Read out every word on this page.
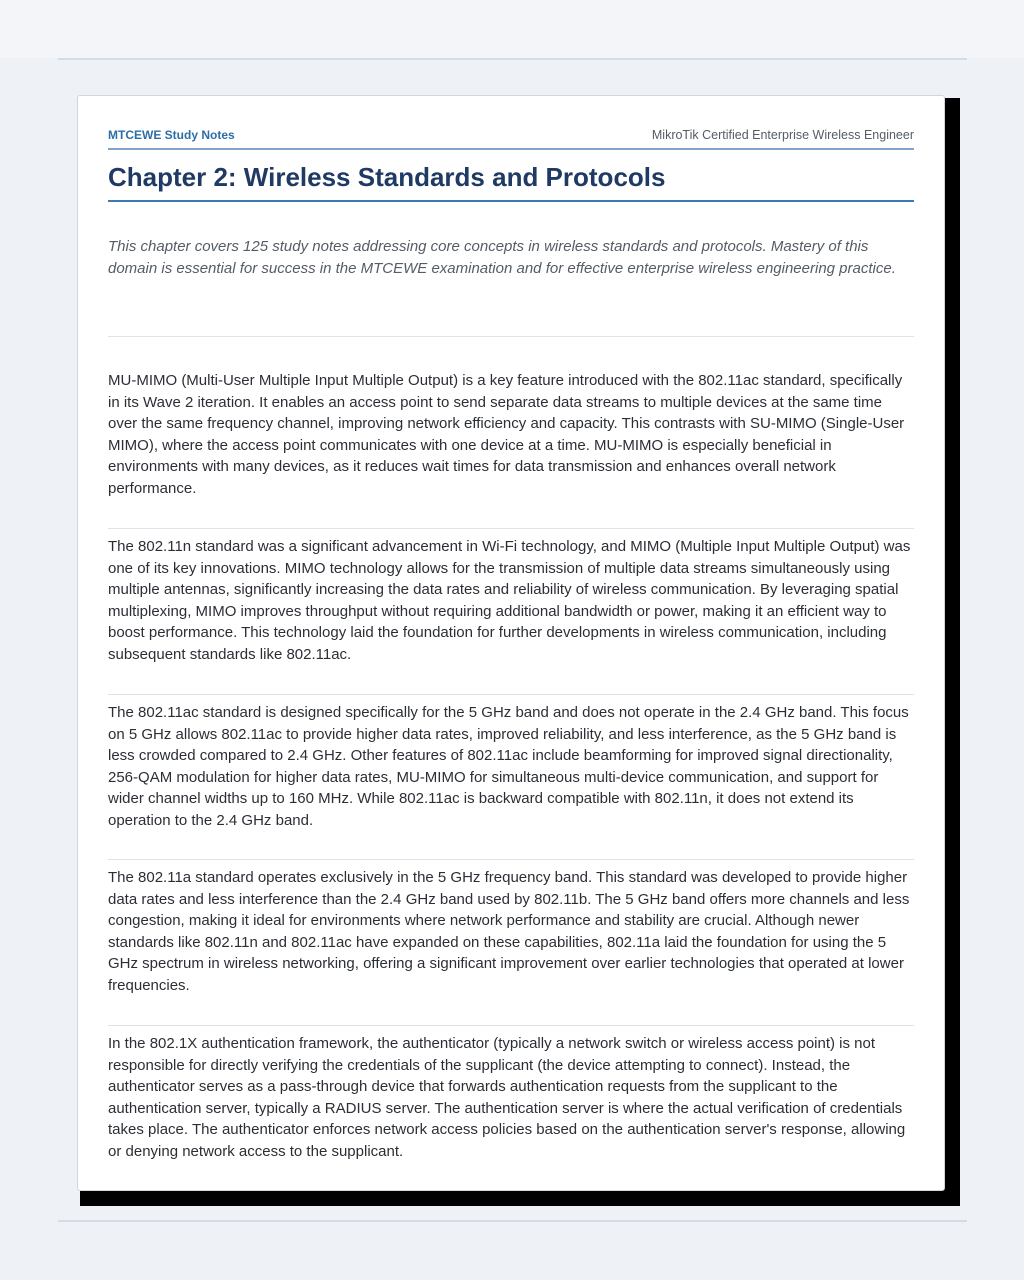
MTCEWE Study Notes	MikroTik Certified Enterprise Wireless Engineer
Chapter 2: Wireless Standards and Protocols

This chapter covers 125 study notes addressing core concepts in wireless standards and protocols. Mastery of this domain is essential for success in the MTCEWE examination and for effective enterprise wireless engineering practice.

MU-MIMO (Multi-User Multiple Input Multiple Output) is a key feature introduced with the 802.11ac standard, specifically in its Wave 2 iteration. It enables an access point to send separate data streams to multiple devices at the same time over the same frequency channel, improving network efficiency and capacity. This contrasts with SU-MIMO (Single-User MIMO), where the access point communicates with one device at a time. MU-MIMO is especially beneficial in environments with many devices, as it reduces wait times for data transmission and enhances overall network performance.

The 802.11n standard was a significant advancement in Wi-Fi technology, and MIMO (Multiple Input Multiple Output) was one of its key innovations. MIMO technology allows for the transmission of multiple data streams simultaneously using multiple antennas, significantly increasing the data rates and reliability of wireless communication. By leveraging spatial multiplexing, MIMO improves throughput without requiring additional bandwidth or power, making it an efficient way to boost performance. This technology laid the foundation for further developments in wireless communication, including subsequent standards like 802.11ac.

The 802.11ac standard is designed specifically for the 5 GHz band and does not operate in the 2.4 GHz band. This focus on 5 GHz allows 802.11ac to provide higher data rates, improved reliability, and less interference, as the 5 GHz band is less crowded compared to 2.4 GHz. Other features of 802.11ac include beamforming for improved signal directionality, 256-QAM modulation for higher data rates, MU-MIMO for simultaneous multi-device communication, and support for wider channel widths up to 160 MHz. While 802.11ac is backward compatible with 802.11n, it does not extend its operation to the 2.4 GHz band.

The 802.11a standard operates exclusively in the 5 GHz frequency band. This standard was developed to provide higher data rates and less interference than the 2.4 GHz band used by 802.11b. The 5 GHz band offers more channels and less congestion, making it ideal for environments where network performance and stability are crucial. Although newer standards like 802.11n and 802.11ac have expanded on these capabilities, 802.11a laid the foundation for using the 5 GHz spectrum in wireless networking, offering a significant improvement over earlier technologies that operated at lower frequencies.

In the 802.1X authentication framework, the authenticator (typically a network switch or wireless access point) is not responsible for directly verifying the credentials of the supplicant (the device attempting to connect). Instead, the authenticator serves as a pass-through device that forwards authentication requests from the supplicant to the authentication server, typically a RADIUS server. The authentication server is where the actual verification of credentials takes place. The authenticator enforces network access policies based on the authentication server's response, allowing or denying network access to the supplicant.
